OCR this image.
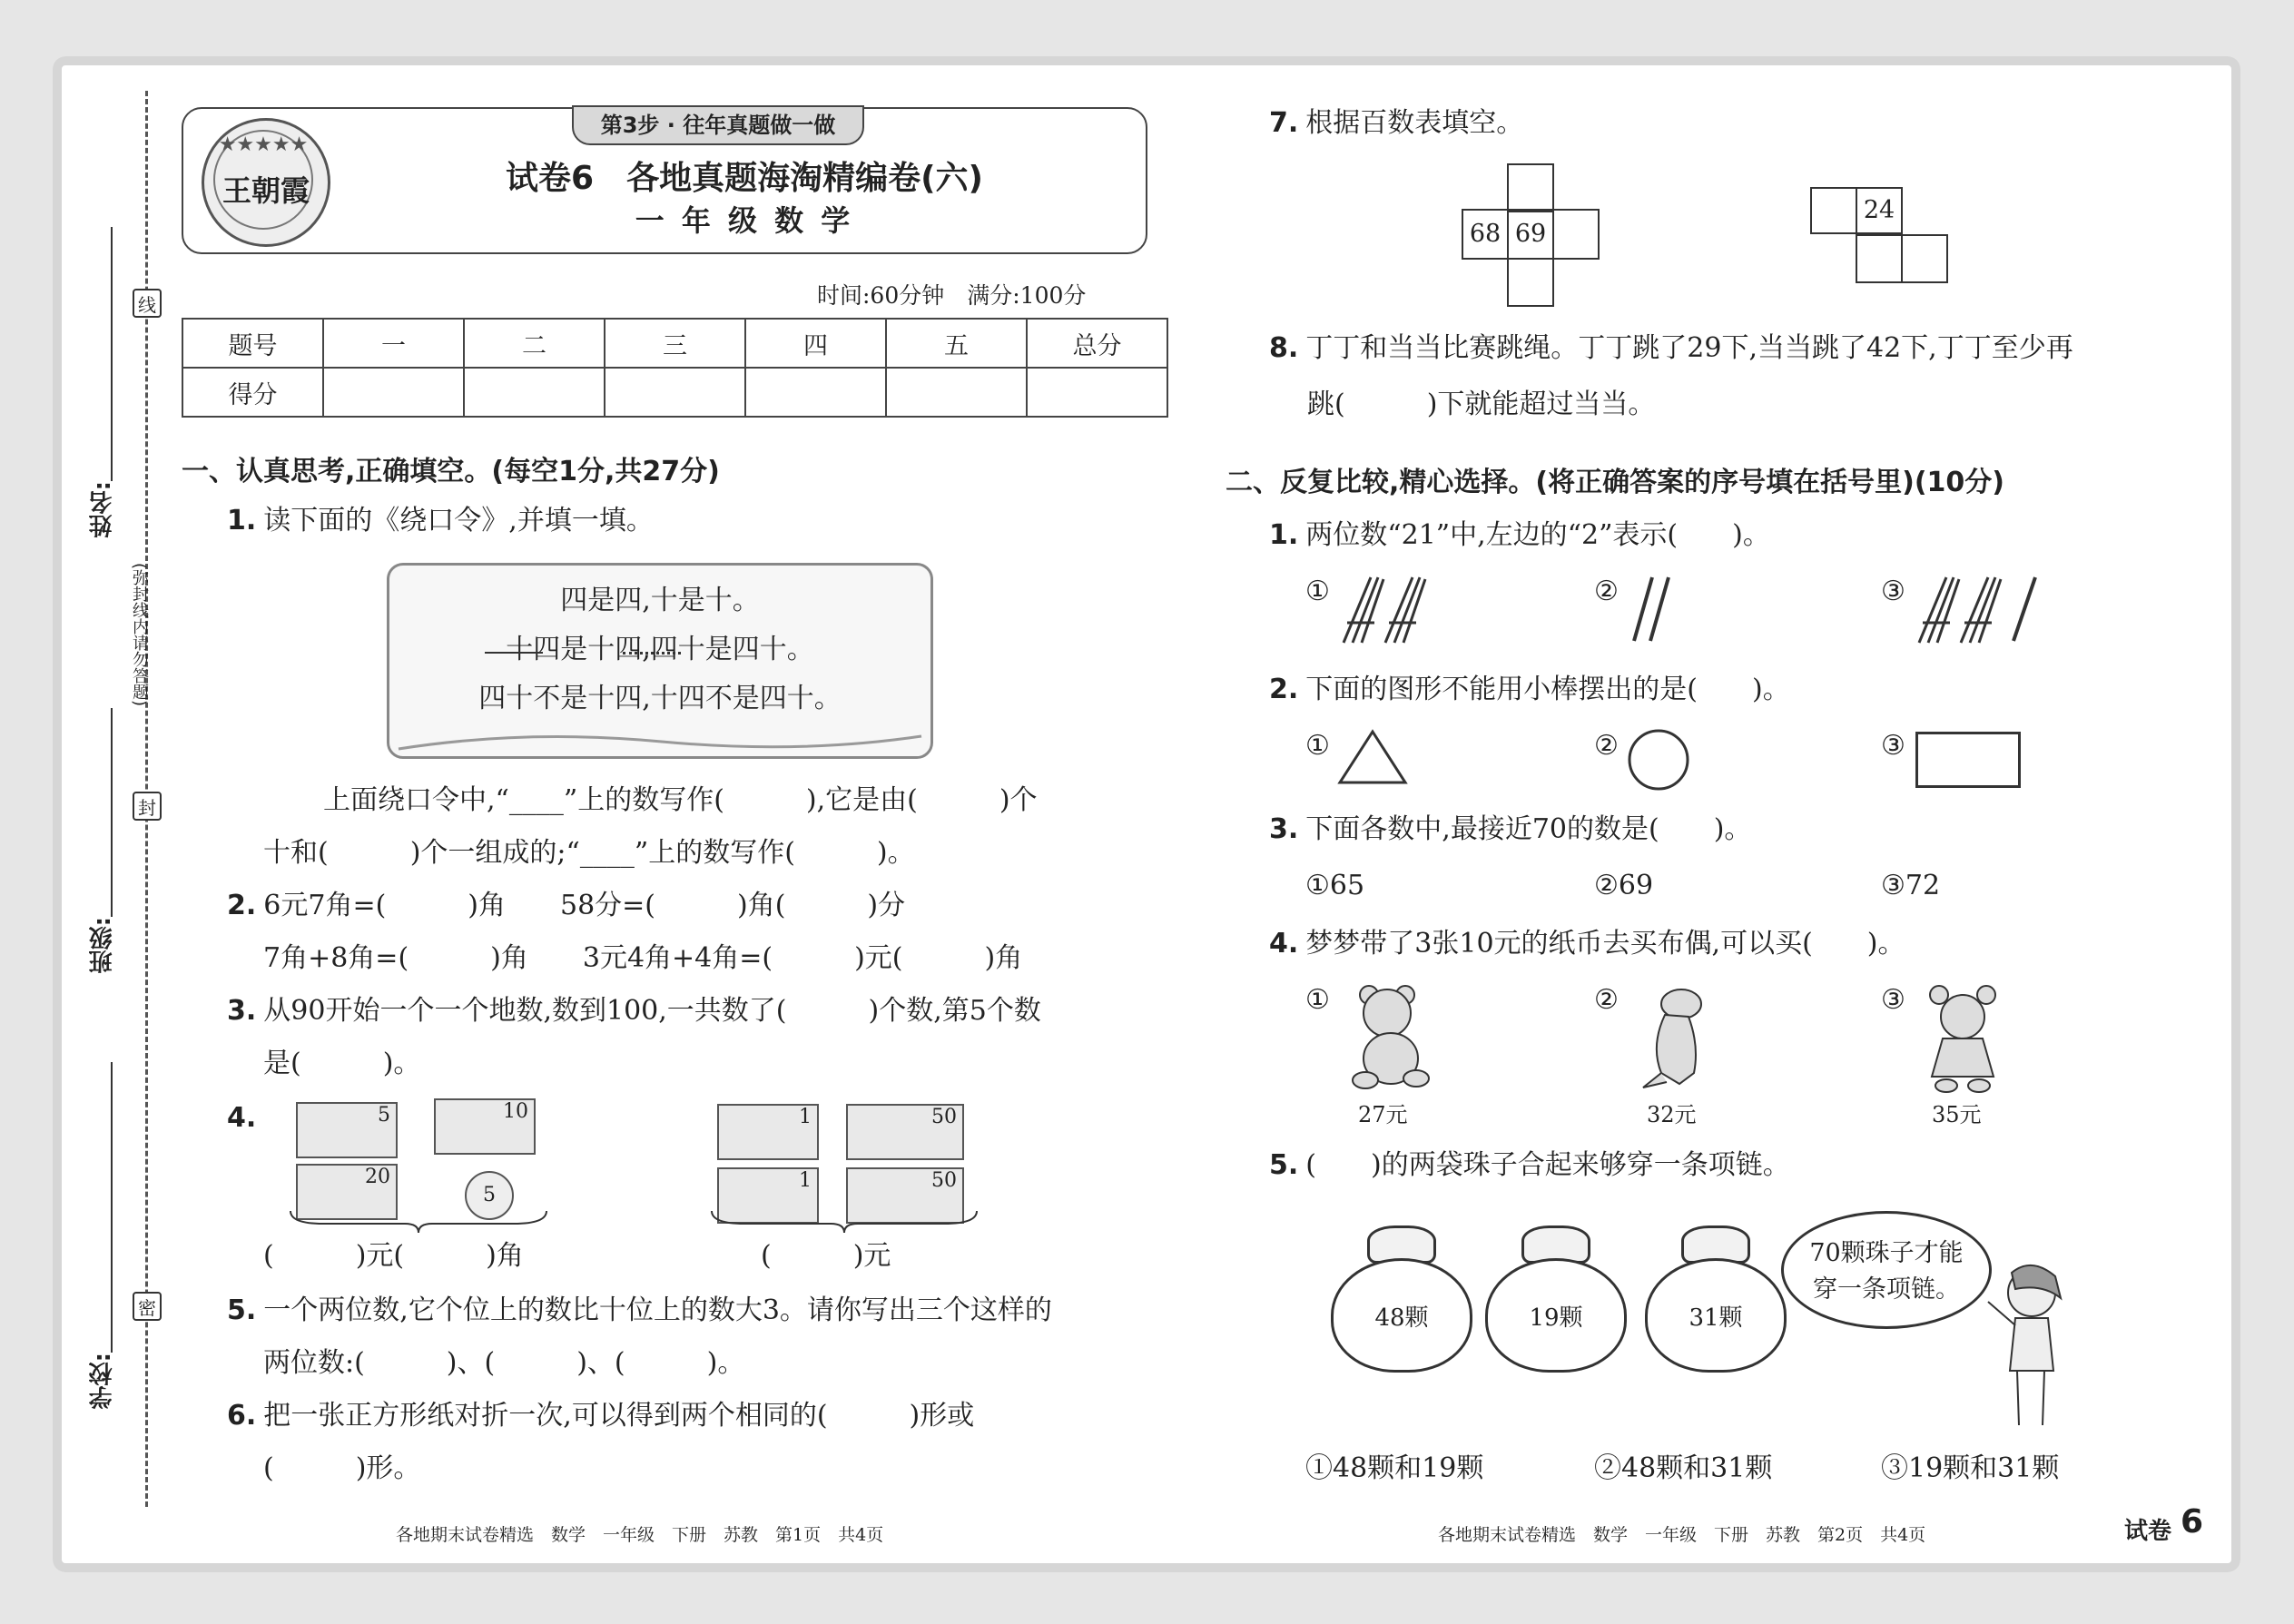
线
封
密
(弥封线内请勿答题)
姓名:
班级:
学校:
第3步 · 往年真题做一做
★★★★★
王朝霞	试卷6　各地真题海淘精编卷(六)
一 年 级 数 学
时间:60分钟　满分:100分
题号	一	二	三	四	五	总分
得分						
一、认真思考,正确填空。(每空1分,共27分)
1. 读下面的《绕口令》,并填一填。
四是四,十是十。
十四是十四,四十是四十。
四十不是十四,十四不是四十。
上面绕口令中,“____”上的数写作(　　　),它是由(　　　)个
十和(　　　)个一组成的;“____”上的数写作(　　　)。
2. 6元7角=(　　　)角　　58分=(　　　)角(　　　)分
7角+8角=(　　　)角　　3元4角+4角=(　　　)元(　　　)角
3. 从90开始一个一个地数,数到100,一共数了(　　　)个数,第5个数
是(　　　)。
4.	5	10
20
5
(　　　)元(　　　)角
1	50
1	50
(　　　)元
5. 一个两位数,它个位上的数比十位上的数大3。请你写出三个这样的
两位数:(　　　)、(　　　)、(　　　)。
6. 把一张正方形纸对折一次,可以得到两个相同的(　　　)形或
(　　　)形。
各地期末试卷精选　数学　一年级　下册　苏教　第1页　共4页
7. 根据百数表填空。
68 69
24
8. 丁丁和当当比赛跳绳。丁丁跳了29下,当当跳了42下,丁丁至少再
跳(　　　)下就能超过当当。
二、反复比较,精心选择。(将正确答案的序号填在括号里)(10分)
1. 两位数“21”中,左边的“2”表示(　　)。
①	②	③
2. 下面的图形不能用小棒摆出的是(　　)。
①	②	③
3. 下面各数中,最接近70的数是(　　)。
①65	②69	③72
4. 梦梦带了3张10元的纸币去买布偶,可以买(　　)。
①
27元
②
32元
③
35元
5. (　　)的两袋珠子合起来够穿一条项链。
48颗	19颗	31颗
70颗珠子才能
穿一条项链。
①48颗和19颗	②48颗和31颗	③19颗和31颗
各地期末试卷精选　数学　一年级　下册　苏教　第2页　共4页	试卷 6
